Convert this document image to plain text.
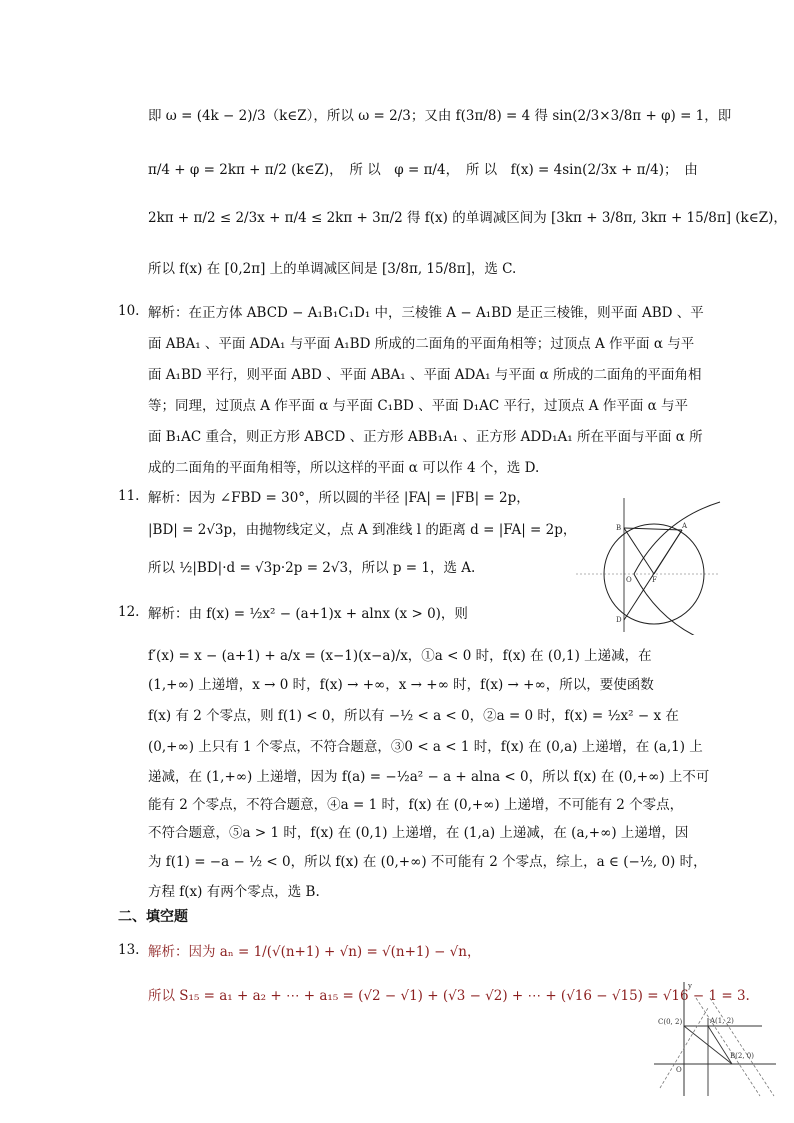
即 ω = (4k − 2)/3（k∈Z），所以 ω = 2/3；又由 f(3π/8) = 4 得 sin(2/3×3/8π + φ) = 1，即
π/4 + φ = 2kπ + π/2 (k∈Z)，　所 以　φ = π/4，　所 以　f(x) = 4sin(2/3x + π/4)；　由
2kπ + π/2 ≤ 2/3x + π/4 ≤ 2kπ + 3π/2 得 f(x) 的单调减区间为 [3kπ + 3/8π, 3kπ + 15/8π] (k∈Z)，
所以 f(x) 在 [0,2π] 上的单调减区间是 [3/8π, 15/8π]，选 C.
10. 解析：在正方体 ABCD − A₁B₁C₁D₁ 中，三棱锥 A − A₁BD 是正三棱锥，则平面 ABD 、平
面 ABA₁ 、平面 ADA₁ 与平面 A₁BD 所成的二面角的平面角相等；过顶点 A 作平面 α 与平
面 A₁BD 平行，则平面 ABD 、平面 ABA₁ 、平面 ADA₁ 与平面 α 所成的二面角的平面角相
等；同理，过顶点 A 作平面 α 与平面 C₁BD 、平面 D₁AC 平行，过顶点 A 作平面 α 与平
面 B₁AC 重合，则正方形 ABCD 、正方形 ABB₁A₁ 、正方形 ADD₁A₁ 所在平面与平面 α 所
成的二面角的平面角相等，所以这样的平面 α 可以作 4 个，选 D.
11. 解析：因为 ∠FBD = 30°，所以圆的半径 |FA| = |FB| = 2p，
|BD| = 2√3p，由抛物线定义，点 A 到准线 l 的距离 d = |FA| = 2p，
所以 ½|BD|·d = √3p·2p = 2√3，所以 p = 1，选 A.
B	A
O	F
D
12. 解析：由 f(x) = ½x² − (a+1)x + alnx (x > 0)，则
f′(x) = x − (a+1) + a/x = (x−1)(x−a)/x，①a < 0 时，f(x) 在 (0,1) 上递减，在
(1,+∞) 上递增，x → 0 时，f(x) → +∞，x → +∞ 时，f(x) → +∞，所以，要使函数
f(x) 有 2 个零点，则 f(1) < 0，所以有 −½ < a < 0，②a = 0 时，f(x) = ½x² − x 在
(0,+∞) 上只有 1 个零点，不符合题意，③0 < a < 1 时，f(x) 在 (0,a) 上递增，在 (a,1) 上
递减，在 (1,+∞) 上递增，因为 f(a) = −½a² − a + alna < 0，所以 f(x) 在 (0,+∞) 上不可
能有 2 个零点，不符合题意，④a = 1 时，f(x) 在 (0,+∞) 上递增，不可能有 2 个零点，
不符合题意，⑤a > 1 时，f(x) 在 (0,1) 上递增，在 (1,a) 上递减，在 (a,+∞) 上递增，因
为 f(1) = −a − ½ < 0，所以 f(x) 在 (0,+∞) 不可能有 2 个零点，综上，a ∈ (−½, 0) 时，
方程 f(x) 有两个零点，选 B.
二、填空题
13. 解析：因为 aₙ = 1/(√(n+1) + √n) = √(n+1) − √n，
所以 S₁₅ = a₁ + a₂ + ⋯ + a₁₅ = (√2 − √1) + (√3 − √2) + ⋯ + (√16 − √15) = √16 − 1 = 3.
y
C(0, 2)	A(1, 2)
B(2, 0)
O
